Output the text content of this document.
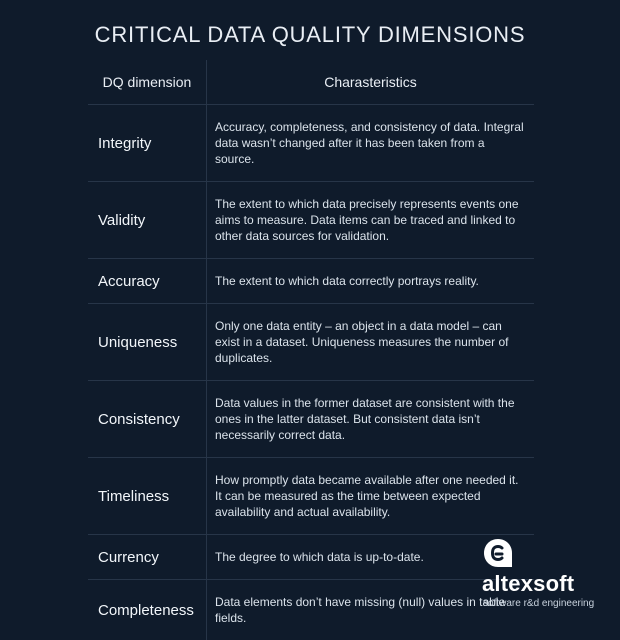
CRITICAL DATA QUALITY DIMENSIONS
DQ dimension	Charasteristics
Integrity	Accuracy, completeness, and consistency of data. Integral data wasn’t changed after it has been taken from a source.
Validity	The extent to which data precisely represents events one aims to measure. Data items can be traced and linked to other data sources for validation.
Accuracy	The extent to which data correctly portrays reality.
Uniqueness	Only one data entity – an object in a data model – can exist in a dataset. Uniqueness measures the number of duplicates.
Consistency	Data values in the former dataset are consistent with the ones in the latter dataset. But consistent data isn’t necessarily correct data.
Timeliness	How promptly data became available after one needed it. It can be measured as the time between expected availability and actual availability.
Currency	The degree to which data is up-to-date.
Completeness	Data elements don’t have missing (null) values in table fields.
altexsoft
software r&d engineering
